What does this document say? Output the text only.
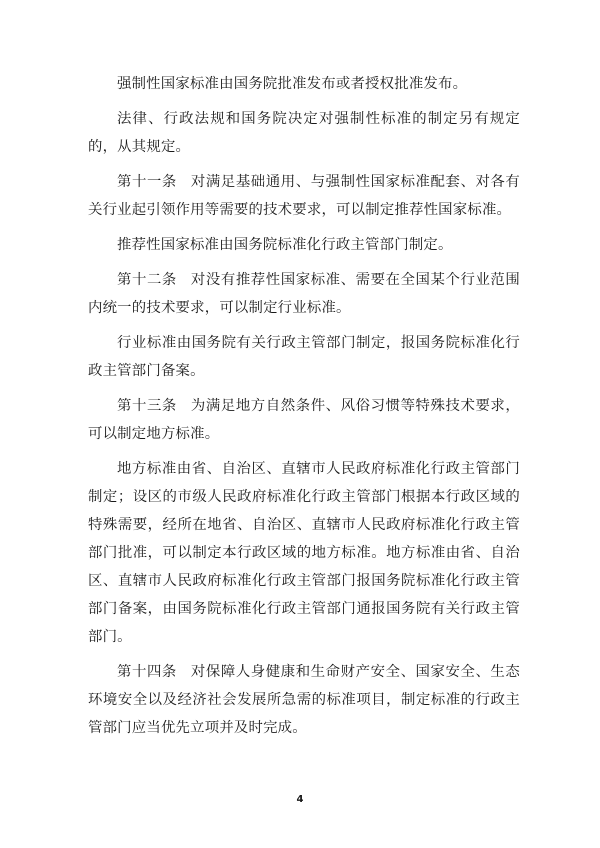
强制性国家标准由国务院批准发布或者授权批准发布。

法律、行政法规和国务院决定对强制性标准的制定另有规定的，从其规定。

第十一条 对满足基础通用、与强制性国家标准配套、对各有关行业起引领作用等需要的技术要求，可以制定推荐性国家标准。

推荐性国家标准由国务院标准化行政主管部门制定。

第十二条 对没有推荐性国家标准、需要在全国某个行业范围内统一的技术要求，可以制定行业标准。

行业标准由国务院有关行政主管部门制定，报国务院标准化行政主管部门备案。

第十三条 为满足地方自然条件、风俗习惯等特殊技术要求，可以制定地方标准。

地方标准由省、自治区、直辖市人民政府标准化行政主管部门制定；设区的市级人民政府标准化行政主管部门根据本行政区域的特殊需要，经所在地省、自治区、直辖市人民政府标准化行政主管部门批准，可以制定本行政区域的地方标准。地方标准由省、自治区、直辖市人民政府标准化行政主管部门报国务院标准化行政主管部门备案，由国务院标准化行政主管部门通报国务院有关行政主管部门。

第十四条 对保障人身健康和生命财产安全、国家安全、生态环境安全以及经济社会发展所急需的标准项目，制定标准的行政主管部门应当优先立项并及时完成。

4
